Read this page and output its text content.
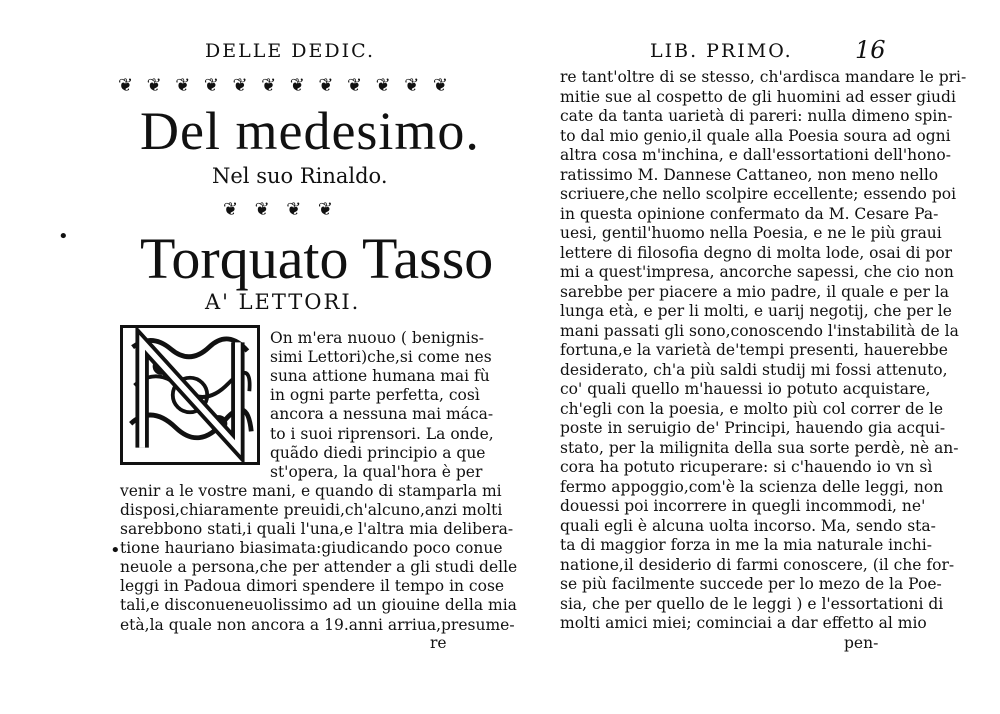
DELLE DEDIC.
❦ ❦ ❦ ❦ ❦ ❦ ❦ ❦ ❦ ❦ ❦ ❦
Del medesimo.
Nel suo Rinaldo.
❦ ❦ ❦ ❦
Torquato Tasso
A' LETTORI.
N
On m'era nuouo ( benignis-
simi Lettori)che,si come nes
suna attione humana mai fù
in ogni parte perfetta, così
ancora a nessuna mai máca-
to i suoi riprensori. La onde,
quãdo diedi principio a que
st'opera, la qual'hora è per
venir a le vostre mani, e quando di stamparla mi
disposi,chiaramente preuidi,ch'alcuno,anzi molti
sarebbono stati,i quali l'una,e l'altra mia delibera-
tione hauriano biasimata:giudicando poco conue
neuole a persona,che per attender a gli studi delle
leggi in Padoua dimori spendere il tempo in cose
tali,e disconueneuolissimo ad un giouine della mia
età,la quale non ancora a 19.anni arriua,presume-
re
•
•
LIB. PRIMO.	16
re tant'oltre di se stesso, ch'ardisca mandare le pri-
mitie sue al cospetto de gli huomini ad esser giudi
cate da tanta uarietà di pareri: nulla dimeno spin-
to dal mio genio,il quale alla Poesia soura ad ogni
altra cosa m'inchina, e dall'essortationi dell'hono-
ratissimo M. Dannese Cattaneo, non meno nello
scriuere,che nello scolpire eccellente; essendo poi
in questa opinione confermato da M. Cesare Pa-
uesi, gentil'huomo nella Poesia, e ne le più graui
lettere di filosofia degno di molta lode, osai di por
mi a quest'impresa, ancorche sapessi, che cio non
sarebbe per piacere a mio padre, il quale e per la
lunga età, e per li molti, e uarij negotij, che per le
mani passati gli sono,conoscendo l'instabilità de la
fortuna,e la varietà de'tempi presenti, hauerebbe
desiderato, ch'a più saldi studij mi fossi attenuto,
co' quali quello m'hauessi io potuto acquistare,
ch'egli con la poesia, e molto più col correr de le
poste in seruigio de' Principi, hauendo gia acqui-
stato, per la milignita della sua sorte perdè, nè an-
cora ha potuto ricuperare: si c'hauendo io vn sì
fermo appoggio,com'è la scienza delle leggi, non
douessi poi incorrere in quegli incommodi, ne'
quali egli è alcuna uolta incorso. Ma, sendo sta-
ta di maggior forza in me la mia naturale inchi-
natione,il desiderio di farmi conoscere, (il che for-
se più facilmente succede per lo mezo de la Poe-
sia, che per quello de le leggi ) e l'essortationi di
molti amici miei; cominciai a dar effetto al mio
pen-
